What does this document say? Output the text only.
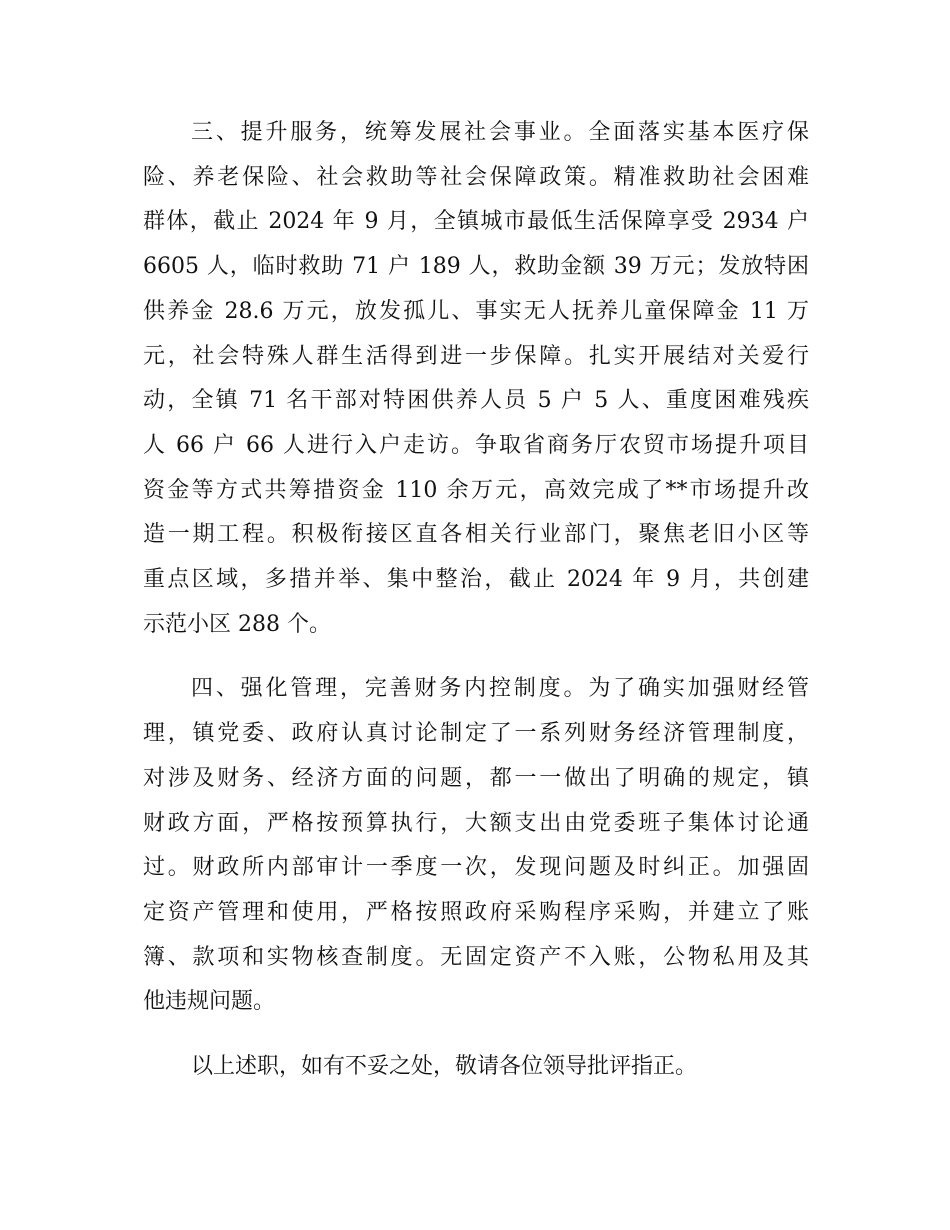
三、提升服务，统筹发展社会事业。全面落实基本医疗保
险、养老保险、社会救助等社会保障政策。精准救助社会困难
群体，截止 2024 年 9 月，全镇城市最低生活保障享受 2934 户
6605 人，临时救助 71 户 189 人，救助金额 39 万元；发放特困
供养金 28.6 万元，放发孤儿、事实无人抚养儿童保障金 11 万
元，社会特殊人群生活得到进一步保障。扎实开展结对关爱行
动，全镇 71 名干部对特困供养人员 5 户 5 人、重度困难残疾
人 66 户 66 人进行入户走访。争取省商务厅农贸市场提升项目
资金等方式共筹措资金 110 余万元，高效完成了**市场提升改
造一期工程。积极衔接区直各相关行业部门，聚焦老旧小区等
重点区域，多措并举、集中整治，截止 2024 年 9 月，共创建
示范小区 288 个。
四、强化管理，完善财务内控制度。为了确实加强财经管
理，镇党委、政府认真讨论制定了一系列财务经济管理制度，
对涉及财务、经济方面的问题，都一一做出了明确的规定，镇
财政方面，严格按预算执行，大额支出由党委班子集体讨论通
过。财政所内部审计一季度一次，发现问题及时纠正。加强固
定资产管理和使用，严格按照政府采购程序采购，并建立了账
簿、款项和实物核查制度。无固定资产不入账，公物私用及其
他违规问题。
以上述职，如有不妥之处，敬请各位领导批评指正。
